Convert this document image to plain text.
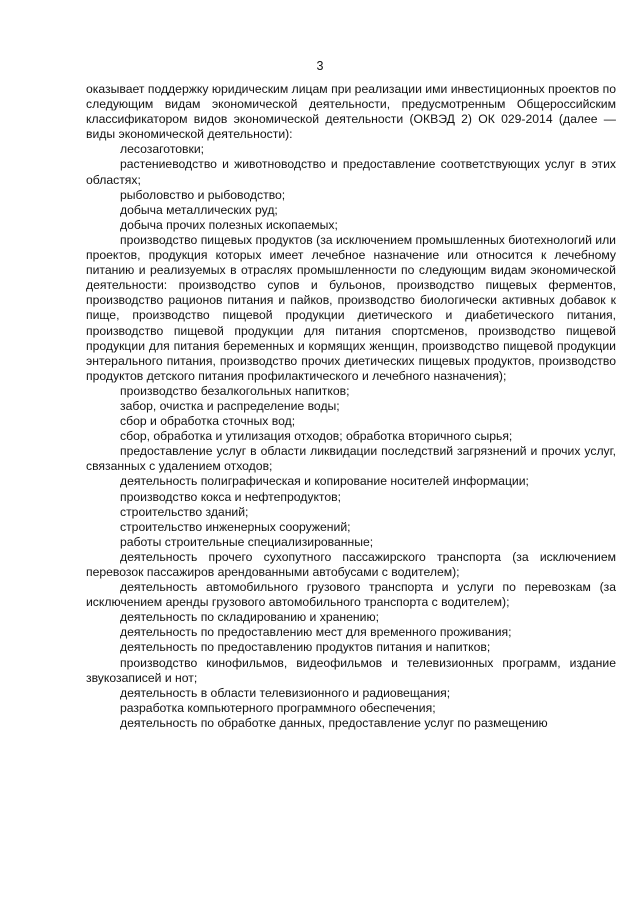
3

оказывает поддержку юридическим лицам при реализации ими инвестиционных проектов по следующим видам экономической деятельности, предусмотренным Общероссийским классификатором видов экономической деятельности (ОКВЭД 2) ОК 029-2014 (далее — виды экономической деятельности):

лесозаготовки;

растениеводство и животноводство и предоставление соответствующих услуг в этих областях;

рыболовство и рыбоводство;

добыча металлических руд;

добыча прочих полезных ископаемых;

производство пищевых продуктов (за исключением промышленных биотехнологий или проектов, продукция которых имеет лечебное назначение или относится к лечебному питанию и реализуемых в отраслях промышленности по следующим видам экономической деятельности: производство супов и бульонов, производство пищевых ферментов, производство рационов питания и пайков, производство биологически активных добавок к пище, производство пищевой продукции диетического и диабетического питания, производство пищевой продукции для питания спортсменов, производство пищевой продукции для питания беременных и кормящих женщин, производство пищевой продукции энтерального питания, производство прочих диетических пищевых продуктов, производство продуктов детского питания профилактического и лечебного назначения);

производство безалкогольных напитков;

забор, очистка и распределение воды;

сбор и обработка сточных вод;

сбор, обработка и утилизация отходов; обработка вторичного сырья;

предоставление услуг в области ликвидации последствий загрязнений и прочих услуг, связанных с удалением отходов;

деятельность полиграфическая и копирование носителей информации;

производство кокса и нефтепродуктов;

строительство зданий;

строительство инженерных сооружений;

работы строительные специализированные;

деятельность прочего сухопутного пассажирского транспорта (за исключением перевозок пассажиров арендованными автобусами с водителем);

деятельность автомобильного грузового транспорта и услуги по перевозкам (за исключением аренды грузового автомобильного транспорта с водителем);

деятельность по складированию и хранению;

деятельность по предоставлению мест для временного проживания;

деятельность по предоставлению продуктов питания и напитков;

производство кинофильмов, видеофильмов и телевизионных программ, издание звукозаписей и нот;

деятельность в области телевизионного и радиовещания;

разработка компьютерного программного обеспечения;

деятельность по обработке данных, предоставление услуг по размещению
